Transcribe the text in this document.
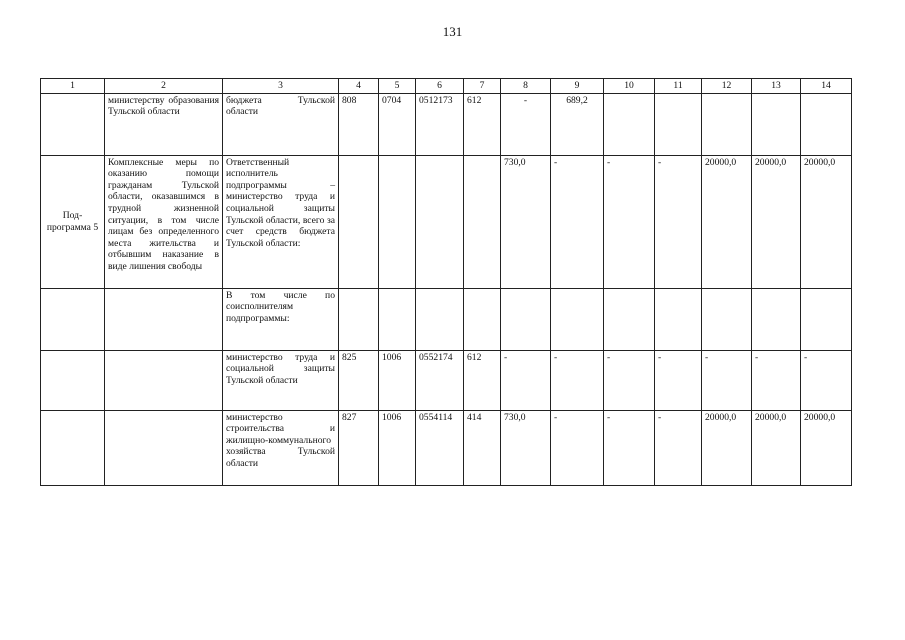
131
1	2	3	4	5	6	7	8	9	10	11	12	13	14
	министерству образования Тульской области	бюджета Тульской области	808	0704	0512173	612	-	689,2					
Под-программа 5	Комплексные меры по оказанию помощи гражданам Тульской области, оказавшимся в трудной жизненной ситуации, в том числе лицам без определенного места жительства и отбывшим наказание в виде лишения свободы	Ответственный исполнитель подпрограммы – министерство труда и социальной защиты Тульской области, всего за счет средств бюджета Тульской области:					730,0	-	-	-	20000,0	20000,0	20000,0
		В том числе по соисполнителям подпрограммы:											
		министерство труда и социальной защиты Тульской области	825	1006	0552174	612	-	-	-	-	-	-	-
		министерство строительства и жилищно-коммунального хозяйства Тульской области	827	1006	0554114	414	730,0	-	-	-	20000,0	20000,0	20000,0
